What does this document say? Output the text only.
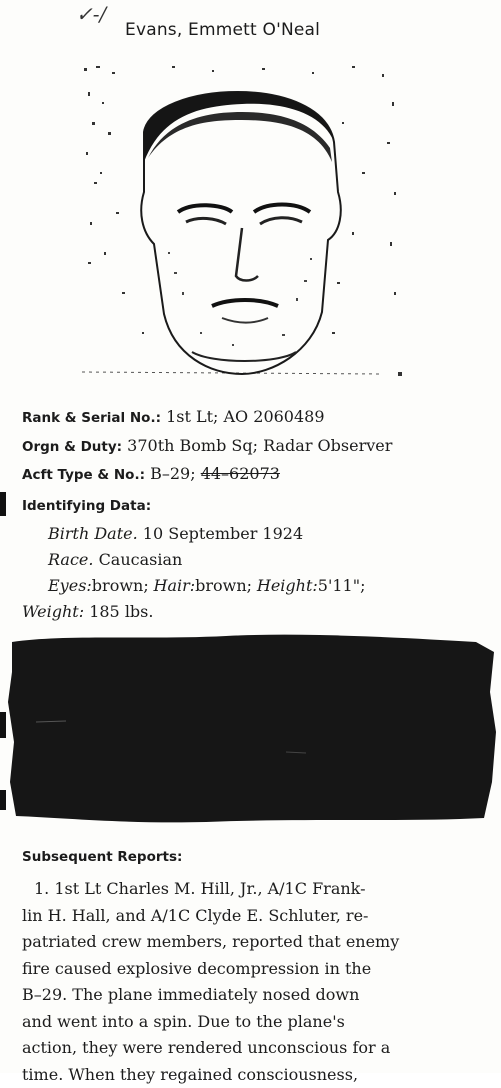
✓-/
Evans, Emmett O'Neal
Rank & Serial No.: 1st Lt; AO 2060489
Orgn & Duty: 370th Bomb Sq; Radar Observer
Acft Type & No.: B–29; 44–62073
Identifying Data:
Birth Date. 10 September 1924
Race. Caucasian
Eyes:brown; Hair:brown; Height:5'11";
Weight: 185 lbs.
Subsequent Reports:
1. 1st Lt Charles M. Hill, Jr., A/1C Frank-
lin H. Hall, and A/1C Clyde E. Schluter, re-
patriated crew members, reported that enemy
fire caused explosive decompression in the
B–29. The plane immediately nosed down
and went into a spin. Due to the plane's
action, they were rendered unconscious for a
time. When they regained consciousness,
